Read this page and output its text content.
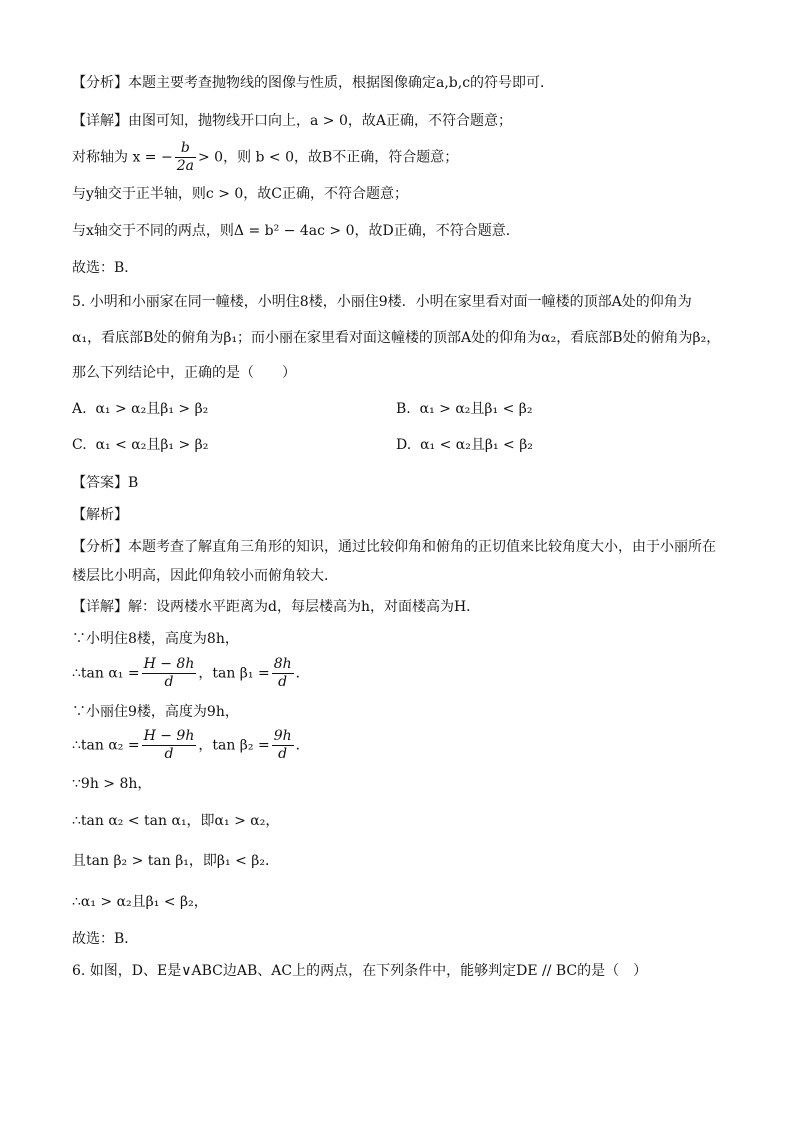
【分析】本题主要考查抛物线的图像与性质，根据图像确定a,b,c的符号即可．
【详解】由图可知，抛物线开口向上，a > 0，故A正确，不符合题意；
对称轴为 x = − $\frac{b}{2a} > 0$，则 b < 0，故B不正确，符合题意；
与y轴交于正半轴，则c > 0，故C正确，不符合题意；
与x轴交于不同的两点，则Δ = b² − 4ac > 0，故D正确，不符合题意．
故选：B．
5. 小明和小丽家在同一幢楼，小明住8楼，小丽住9楼．小明在家里看对面一幢楼的顶部A处的仰角为
α₁，看底部B处的俯角为β₁；而小丽在家里看对面这幢楼的顶部A处的仰角为α₂，看底部B处的俯角为β₂，
那么下列结论中，正确的是（　　）
A. α₁ > α₂且β₁ > β₂	B. α₁ > α₂且β₁ < β₂
C. α₁ < α₂且β₁ > β₂	D. α₁ < α₂且β₁ < β₂
【答案】B
【解析】
【分析】本题考查了解直角三角形的知识，通过比较仰角和俯角的正切值来比较角度大小，由于小丽所在
楼层比小明高，因此仰角较小而俯角较大．
【详解】解：设两楼水平距离为d，每层楼高为h，对面楼高为H．
∵小明住8楼，高度为8h，
∴tan $\alpha_1 = \frac{H - 8h}{d}$ ，$\tan \beta_1 = \frac{8h}{d}$ ．
∵小丽住9楼，高度为9h，
∴tan $\alpha_2 = \frac{H - 9h}{d}$ ，$\tan \beta_2 = \frac{9h}{d}$ ．
∵9h > 8h，
∴tan α₂ < tan α₁，即α₁ > α₂，
且tan β₂ > tan β₁，即β₁ < β₂．
∴α₁ > α₂且β₁ < β₂，
故选：B．
6. 如图，D、E是∨ABC边AB、AC上的两点，在下列条件中，能够判定DE // BC的是（　）
